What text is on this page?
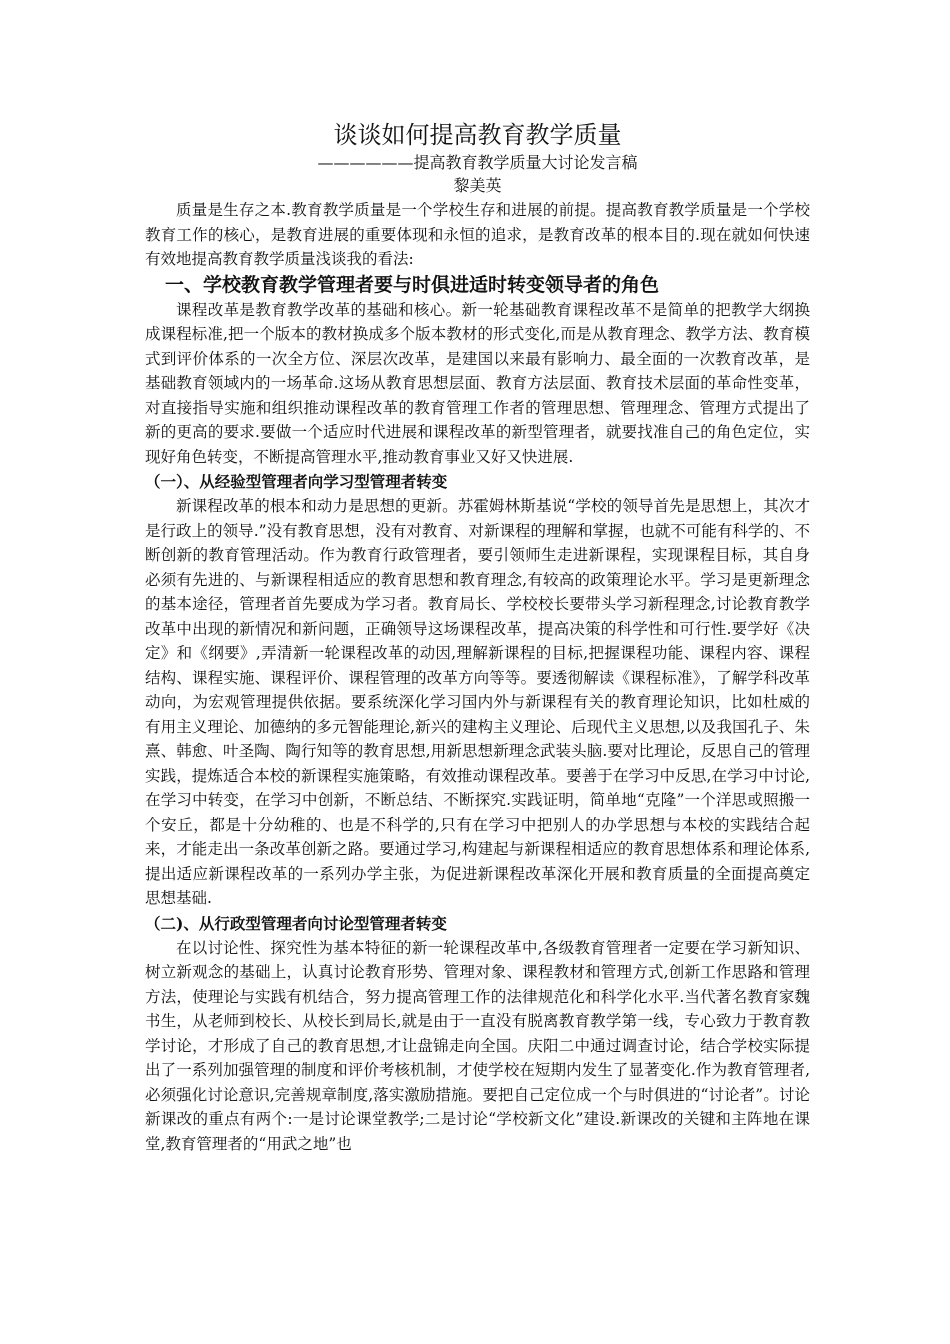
谈谈如何提高教育教学质量

——————提高教育教学质量大讨论发言稿

黎美英

质量是生存之本.教育教学质量是一个学校生存和进展的前提。提高教育教学质量是一个学校教育工作的核心，是教育进展的重要体现和永恒的追求，是教育改革的根本目的.现在就如何快速有效地提高教育教学质量浅谈我的看法:

一、学校教育教学管理者要与时俱进适时转变领导者的角色

课程改革是教育教学改革的基础和核心。新一轮基础教育课程改革不是简单的把教学大纲换成课程标准,把一个版本的教材换成多个版本教材的形式变化,而是从教育理念、教学方法、教育模式到评价体系的一次全方位、深层次改革，是建国以来最有影响力、最全面的一次教育改革，是基础教育领域内的一场革命.这场从教育思想层面、教育方法层面、教育技术层面的革命性变革，对直接指导实施和组织推动课程改革的教育管理工作者的管理思想、管理理念、管理方式提出了新的更高的要求.要做一个适应时代进展和课程改革的新型管理者，就要找准自己的角色定位，实现好角色转变，不断提高管理水平,推动教育事业又好又快进展.

（一）、从经验型管理者向学习型管理者转变

新课程改革的根本和动力是思想的更新。苏霍姆林斯基说“学校的领导首先是思想上，其次才是行政上的领导.”没有教育思想，没有对教育、对新课程的理解和掌握，也就不可能有科学的、不断创新的教育管理活动。作为教育行政管理者，要引领师生走进新课程，实现课程目标，其自身必须有先进的、与新课程相适应的教育思想和教育理念,有较高的政策理论水平。学习是更新理念的基本途径，管理者首先要成为学习者。教育局长、学校校长要带头学习新程理念,讨论教育教学改革中出现的新情况和新问题，正确领导这场课程改革，提高决策的科学性和可行性.要学好《决定》和《纲要》,弄清新一轮课程改革的动因,理解新课程的目标,把握课程功能、课程内容、课程结构、课程实施、课程评价、课程管理的改革方向等等。要透彻解读《课程标准》，了解学科改革动向，为宏观管理提供依据。要系统深化学习国内外与新课程有关的教育理论知识，比如杜威的有用主义理论、加德纳的多元智能理论,新兴的建构主义理论、后现代主义思想,以及我国孔子、朱熹、韩愈、叶圣陶、陶行知等的教育思想,用新思想新理念武装头脑.要对比理论，反思自己的管理实践，提炼适合本校的新课程实施策略，有效推动课程改革。要善于在学习中反思,在学习中讨论,在学习中转变，在学习中创新，不断总结、不断探究.实践证明，简单地“克隆”一个洋思或照搬一个安丘，都是十分幼稚的、也是不科学的,只有在学习中把别人的办学思想与本校的实践结合起来，才能走出一条改革创新之路。要通过学习,构建起与新课程相适应的教育思想体系和理论体系,提出适应新课程改革的一系列办学主张，为促进新课程改革深化开展和教育质量的全面提高奠定思想基础.

（二)、从行政型管理者向讨论型管理者转变

在以讨论性、探究性为基本特征的新一轮课程改革中,各级教育管理者一定要在学习新知识、树立新观念的基础上，认真讨论教育形势、管理对象、课程教材和管理方式,创新工作思路和管理方法，使理论与实践有机结合，努力提高管理工作的法律规范化和科学化水平.当代著名教育家魏书生，从老师到校长、从校长到局长,就是由于一直没有脱离教育教学第一线，专心致力于教育教学讨论，才形成了自己的教育思想,才让盘锦走向全国。庆阳二中通过调查讨论，结合学校实际提出了一系列加强管理的制度和评价考核机制，才使学校在短期内发生了显著变化.作为教育管理者,必须强化讨论意识,完善规章制度,落实激励措施。要把自己定位成一个与时俱进的“讨论者”。讨论新课改的重点有两个:一是讨论课堂教学;二是讨论“学校新文化”建设.新课改的关键和主阵地在课堂,教育管理者的“用武之地”也
